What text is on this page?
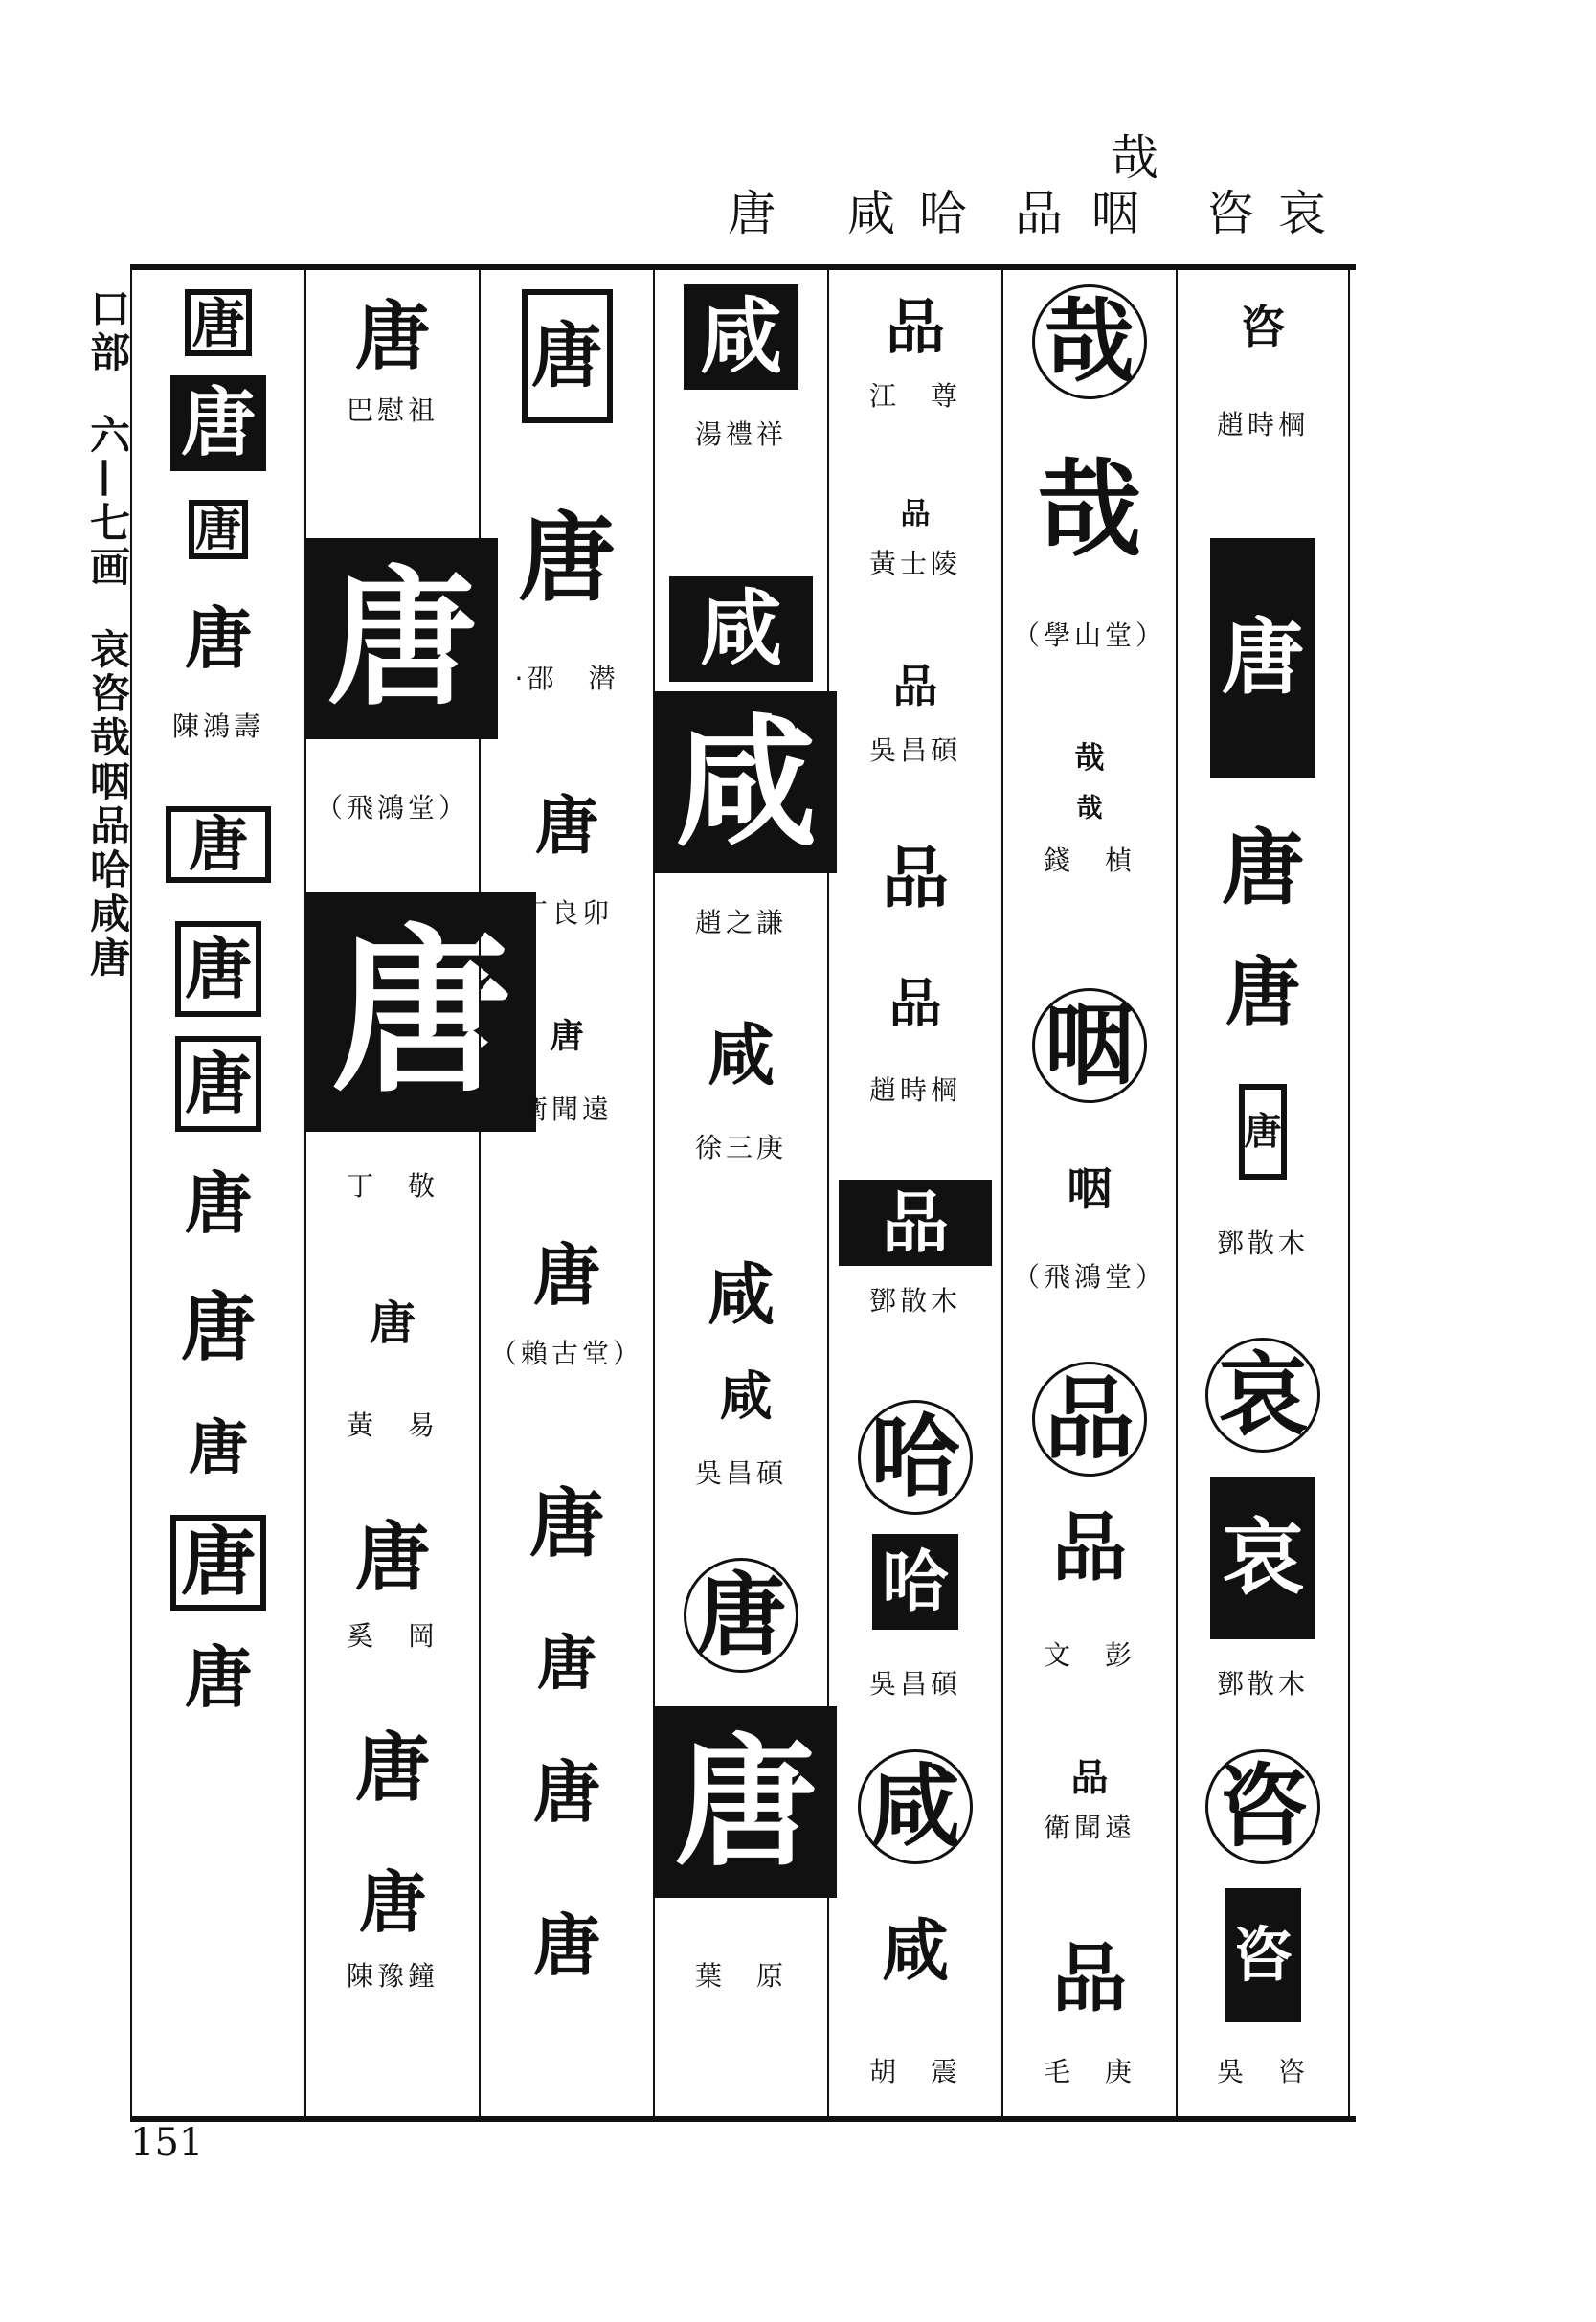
哉
唐 咸 哈 品 咽 咨 哀
口部
六—七画
哀咨哉咽品哈咸唐
唐
唐
唐
唐
陳鴻壽
唐
唐
唐
唐
唐
唐
唐
唐
唐
巴慰祖
唐
（飛鴻堂）
唐
丁　敬
唐
黃　易
唐
奚　岡
唐
唐
陳豫鐘
唐
唐
·邵　潜
唐
丁良卯
唐
衛聞遠
唐
（賴古堂）
唐
唐
唐
唐
咸
湯禮祥
咸
咸
趙之謙
咸
徐三庚
咸
咸
吳昌碩
唐
唐
葉　原
品
江　尊
品
黃士陵
品
吳昌碩
品
品
趙時棡
品
鄧散木
哈
哈
吳昌碩
咸
咸
胡　震
哉
哉
（學山堂）
哉
哉
錢　楨
咽
咽
（飛鴻堂）
品
品
文　彭
品
衛聞遠
品
毛　庚
咨
趙時棡
唐
唐
唐
唐
鄧散木
哀
哀
鄧散木
咨
咨
吳　咨
151
